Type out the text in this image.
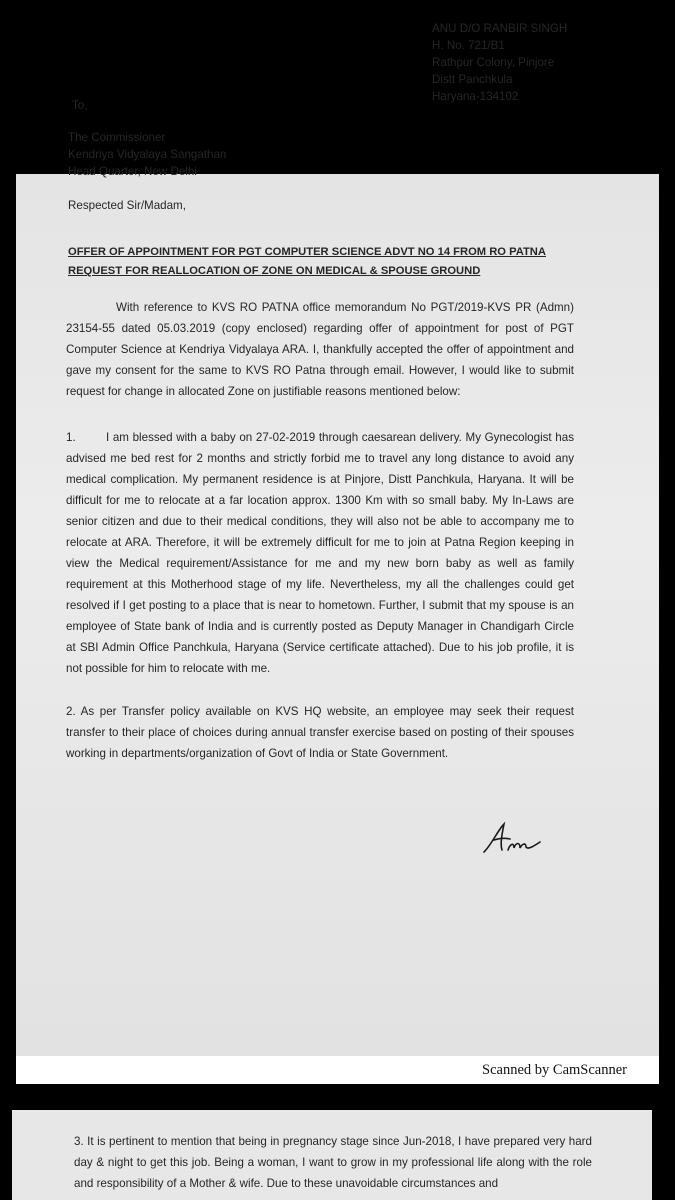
Scanned by CamScanner
ANU D/O RANBIR SINGH
H. No. 721/B1
Rathpur Colony, Pinjore
Distt Panchkula
Haryana-134102
To,
The Commissioner
Kendriya Vidyalaya Sangathan
Head Quarter, New Delhi
Respected Sir/Madam,
OFFER OF APPOINTMENT FOR PGT COMPUTER SCIENCE ADVT NO 14 FROM RO PATNA
REQUEST FOR REALLOCATION OF ZONE ON MEDICAL & SPOUSE GROUND
With reference to KVS RO PATNA office memorandum No PGT/2019-KVS PR (Admn) 23154-55 dated 05.03.2019 (copy enclosed) regarding offer of appointment for post of PGT Computer Science at Kendriya Vidyalaya ARA. I, thankfully accepted the offer of appointment and gave my consent for the same to KVS RO Patna through email. However, I would like to submit request for change in allocated Zone on justifiable reasons mentioned below:
1.	I am blessed with a baby on 27-02-2019 through caesarean delivery. My Gynecologist has advised me bed rest for 2 months and strictly forbid me to travel any long distance to avoid any medical complication. My permanent residence is at Pinjore, Distt Panchkula, Haryana. It will be difficult for me to relocate at a far location approx. 1300 Km with so small baby. My In-Laws are senior citizen and due to their medical conditions, they will also not be able to accompany me to relocate at ARA. Therefore, it will be extremely difficult for me to join at Patna Region keeping in view the Medical requirement/Assistance for me and my new born baby as well as family requirement at this Motherhood stage of my life. Nevertheless, my all the challenges could get resolved if I get posting to a place that is near to hometown. Further, I submit that my spouse is an employee of State bank of India and is currently posted as Deputy Manager in Chandigarh Circle at SBI Admin Office Panchkula, Haryana (Service certificate attached). Due to his job profile, it is not possible for him to relocate with me.
2. As per Transfer policy available on KVS HQ website, an employee may seek their request transfer to their place of choices during annual transfer exercise based on posting of their spouses working in departments/organization of Govt of India or State Government.
3. It is pertinent to mention that being in pregnancy stage since Jun-2018, I have prepared very hard day & night to get this job. Being a woman, I want to grow in my professional life along with the role and responsibility of a Mother & wife. Due to these unavoidable circumstances and
